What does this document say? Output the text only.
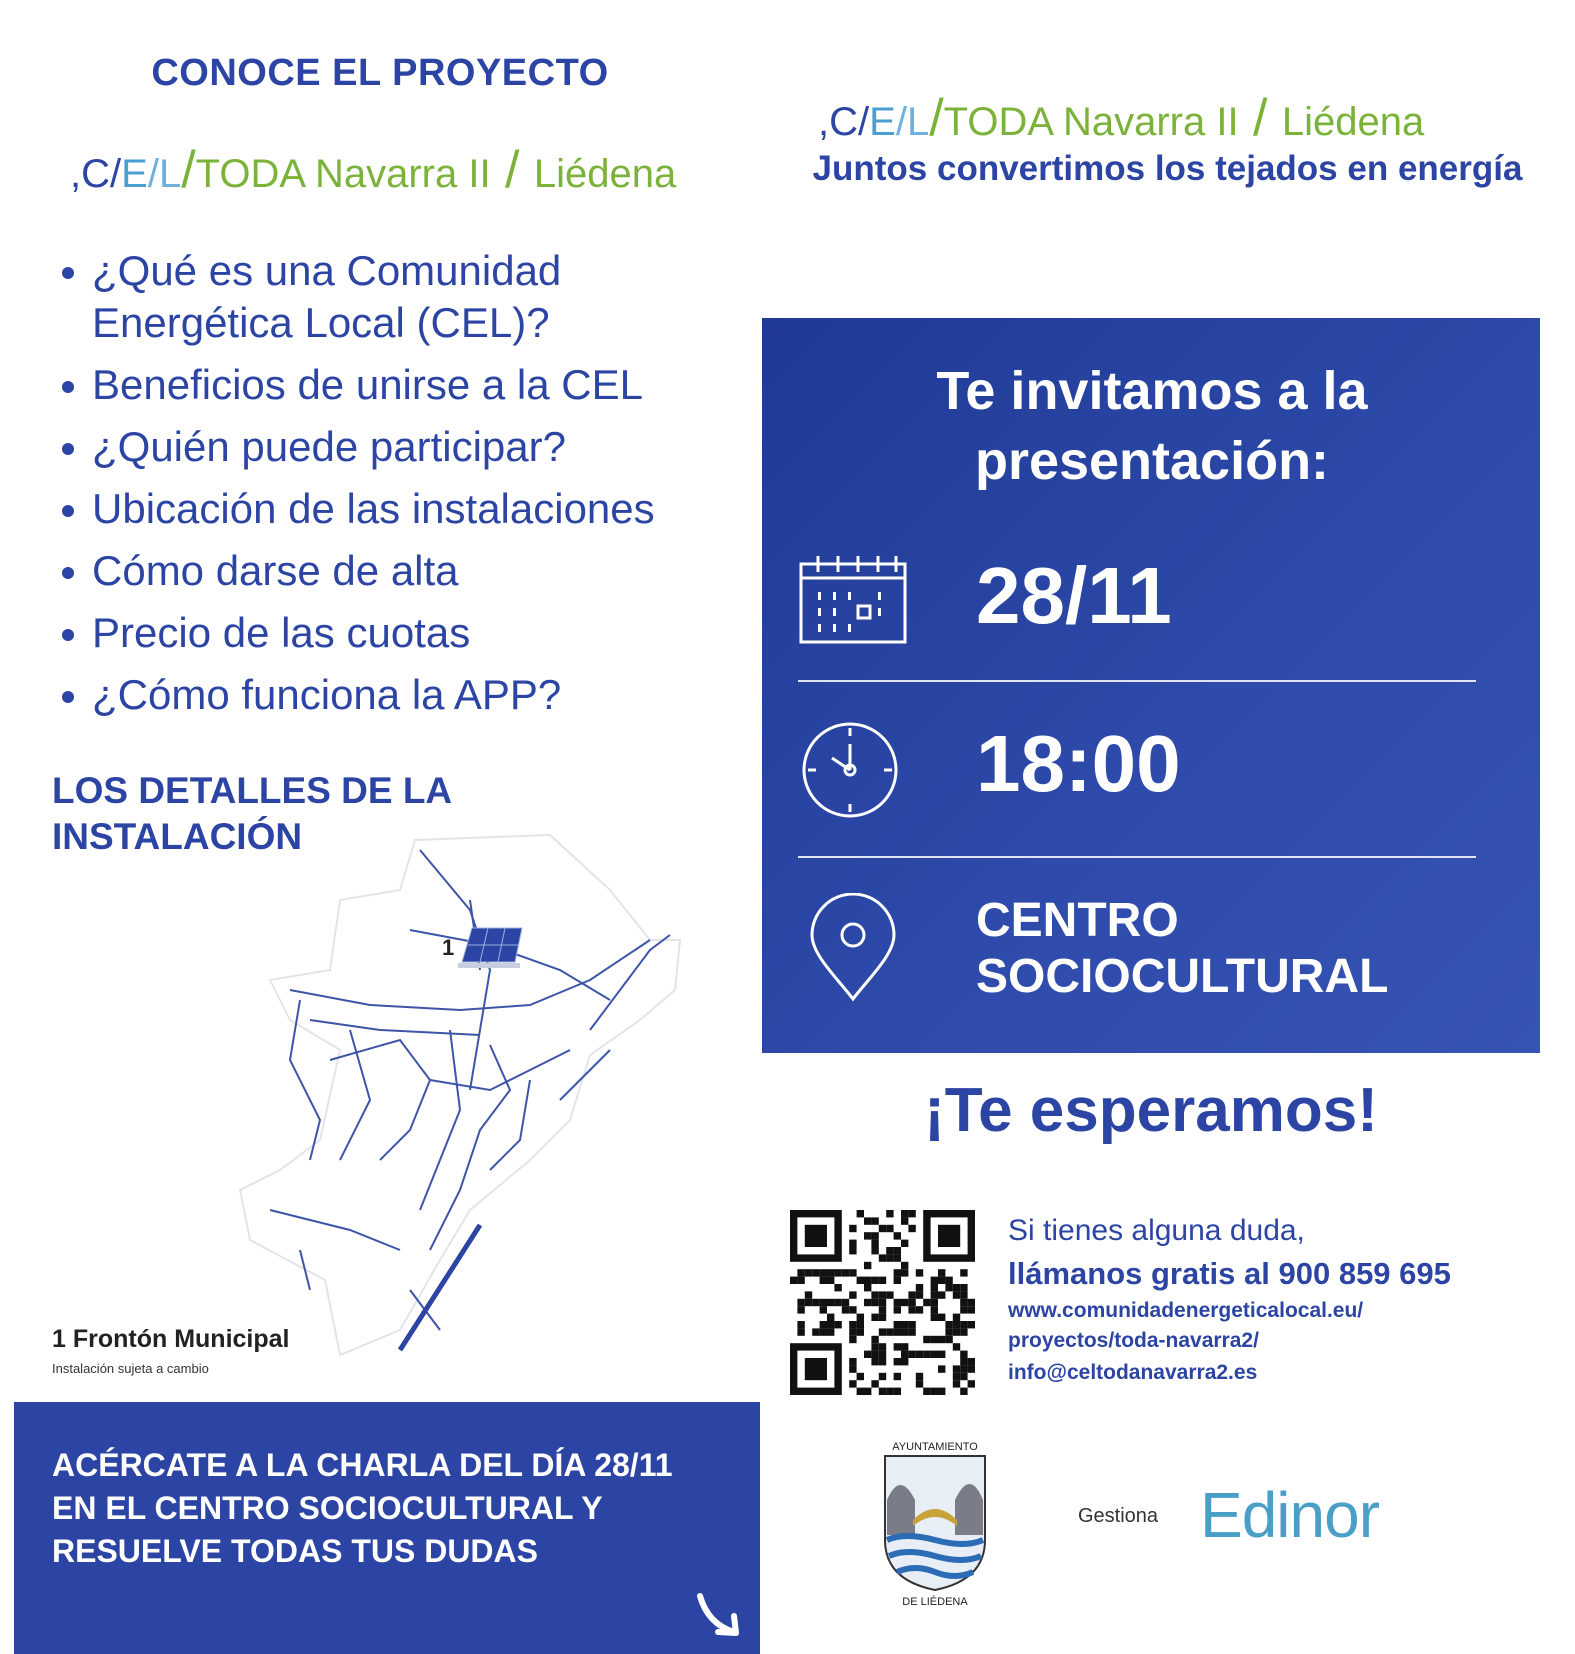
CONOCE EL PROYECTO
,C/E/L/TODA Navarra II / Liédena
¿Qué es una Comunidad Energética Local (CEL)?
Beneficios de unirse a la CEL
¿Quién puede participar?
Ubicación de las instalaciones
Cómo darse de alta
Precio de las cuotas
¿Cómo funciona la APP?
LOS DETALLES DE LA INSTALACIÓN
1
1 Frontón Municipal
Instalación sujeta a cambio
ACÉRCATE A LA CHARLA DEL DÍA 28/11 EN EL CENTRO SOCIOCULTURAL Y RESUELVE TODAS TUS DUDAS
,C/E/L/TODA Navarra II / Liédena
Juntos convertimos los tejados en energía
Te invitamos a la presentación:
28/11
18:00
CENTRO SOCIOCULTURAL
¡Te esperamos!
Si tienes alguna duda,
llámanos gratis al 900 859 695
www.comunidadenergeticalocal.eu/
proyectos/toda-navarra2/
info@celtodanavarra2.es
AYUNTAMIENTO
DE LIÉDENA
Gestiona Edinor
